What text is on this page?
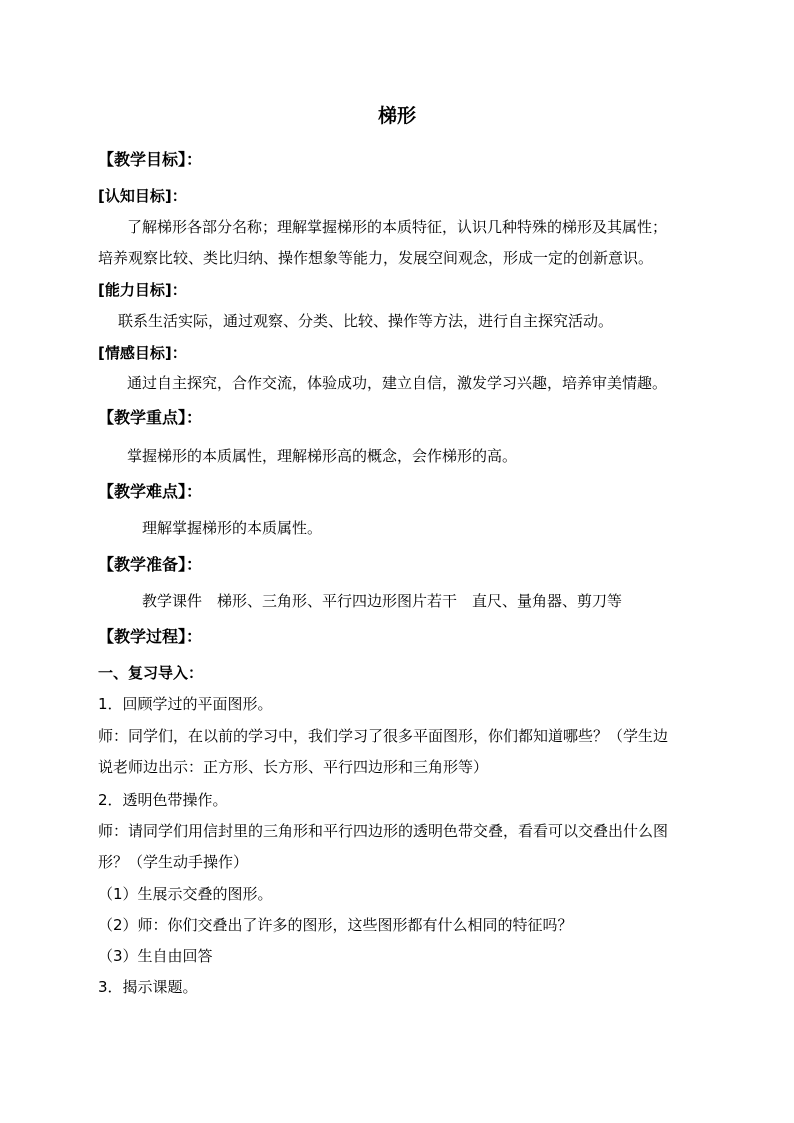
梯形
【教学目标】：
[认知目标]：
了解梯形各部分名称；理解掌握梯形的本质特征，认识几种特殊的梯形及其属性；
培养观察比较、类比归纳、操作想象等能力，发展空间观念，形成一定的创新意识。
[能力目标]：
联系生活实际，通过观察、分类、比较、操作等方法，进行自主探究活动。
[情感目标]：
通过自主探究，合作交流，体验成功，建立自信，激发学习兴趣，培养审美情趣。
【教学重点】：
掌握梯形的本质属性，理解梯形高的概念，会作梯形的高。
【教学难点】：
理解掌握梯形的本质属性。
【教学准备】：
教学课件　梯形、三角形、平行四边形图片若干　直尺、量角器、剪刀等
【教学过程】：
一、复习导入：
1．回顾学过的平面图形。
师：同学们，在以前的学习中，我们学习了很多平面图形，你们都知道哪些？（学生边
说老师边出示：正方形、长方形、平行四边形和三角形等）
2．透明色带操作。
师：请同学们用信封里的三角形和平行四边形的透明色带交叠，看看可以交叠出什么图
形？（学生动手操作）
（1）生展示交叠的图形。
（2）师：你们交叠出了许多的图形，这些图形都有什么相同的特征吗？
（3）生自由回答
3．揭示课题。
